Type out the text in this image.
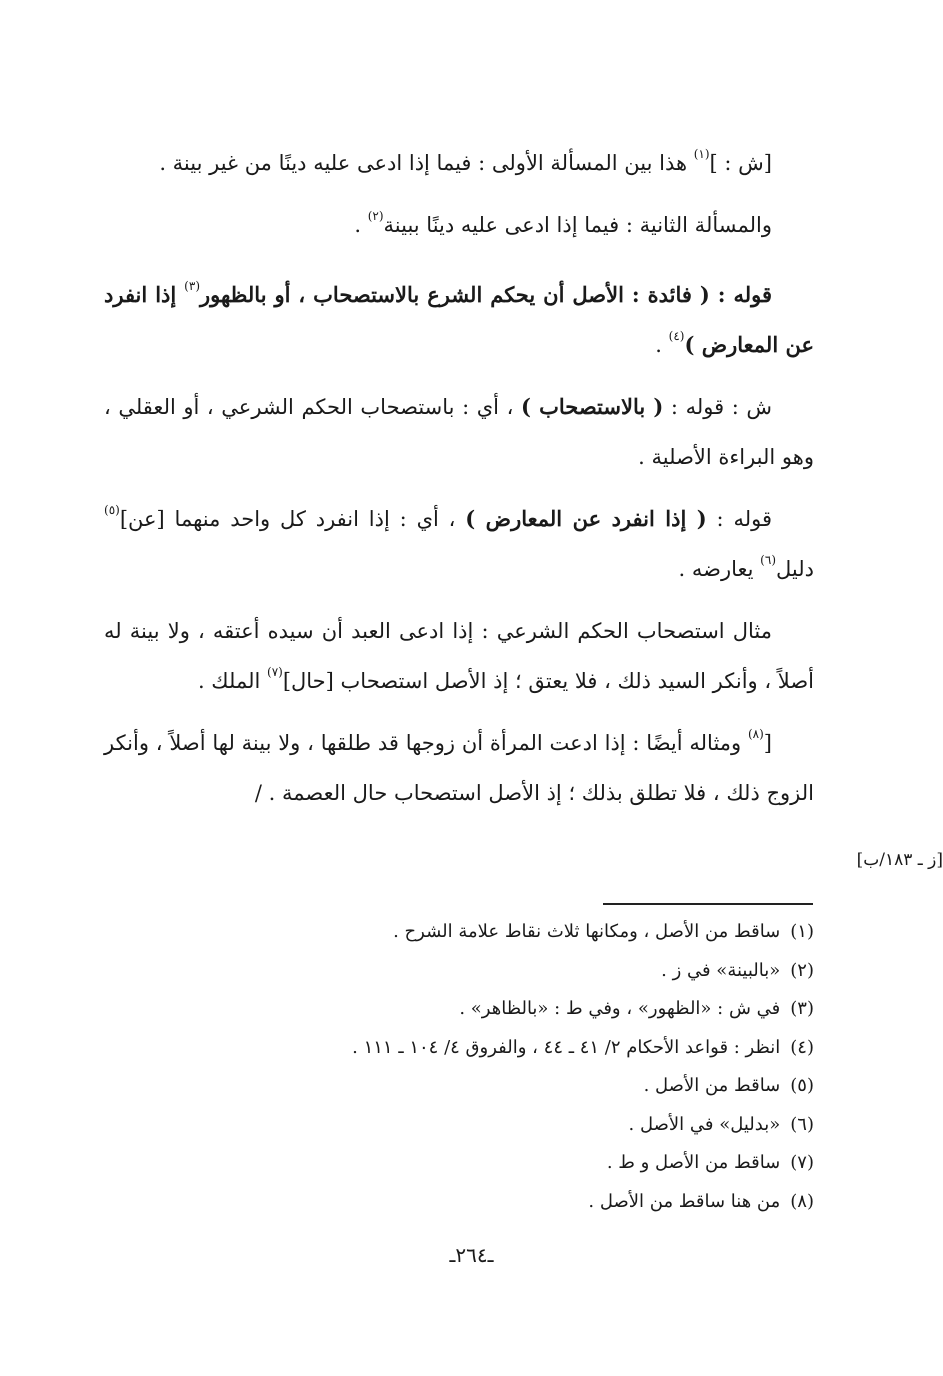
[ش : ]$^{(١)}$ هذا بين المسألة الأولى : فيما إذا ادعى عليه دينًا من غير بينة .

والمسألة الثانية : فيما إذا ادعى عليه دينًا ببينة$^{(٢)}$ .

قوله : ( فائدة : الأصل أن يحكم الشرع بالاستصحاب ، أو بالظهور$^{(٣)}$ إذا انفرد عن المعارض )$^{(٤)}$ .

ش : قوله : ( بالاستصحاب ) ، أي : باستصحاب الحكم الشرعي ، أو العقلي ، وهو البراءة الأصلية .

قوله : ( إذا انفرد عن المعارض ) ، أي : إذا انفرد كل واحد منهما [عن]$^{(٥)}$ دليل$^{(٦)}$ يعارضه .

مثال استصحاب الحكم الشرعي : إذا ادعى العبد أن سيده أعتقه ، ولا بينة له أصلاً ، وأنكر السيد ذلك ، فلا يعتق ؛ إذ الأصل استصحاب [حال]$^{(٧)}$ الملك .

[$^{(٨)}$ ومثاله أيضًا : إذا ادعت المرأة أن زوجها قد طلقها ، ولا بينة لها أصلاً ، وأنكر الزوج ذلك ، فلا تطلق بذلك ؛ إذ الأصل استصحاب حال العصمة . /

[ز ـ ١٨٣/ب]
(١)ساقط من الأصل ، ومكانها ثلاث نقاط علامة الشرح .
(٢)«بالبينة» في ز .
(٣)في ش : «الظهور» ، وفي ط : «بالظاهر» .
(٤)انظر : قواعد الأحكام ٢/ ٤١ ـ ٤٤ ، والفروق ٤/ ١٠٤ ـ ١١١ .
(٥)ساقط من الأصل .
(٦)«بدليل» في الأصل .
(٧)ساقط من الأصل و ط .
(٨)من هنا ساقط من الأصل .
ـ٢٦٤ـ
